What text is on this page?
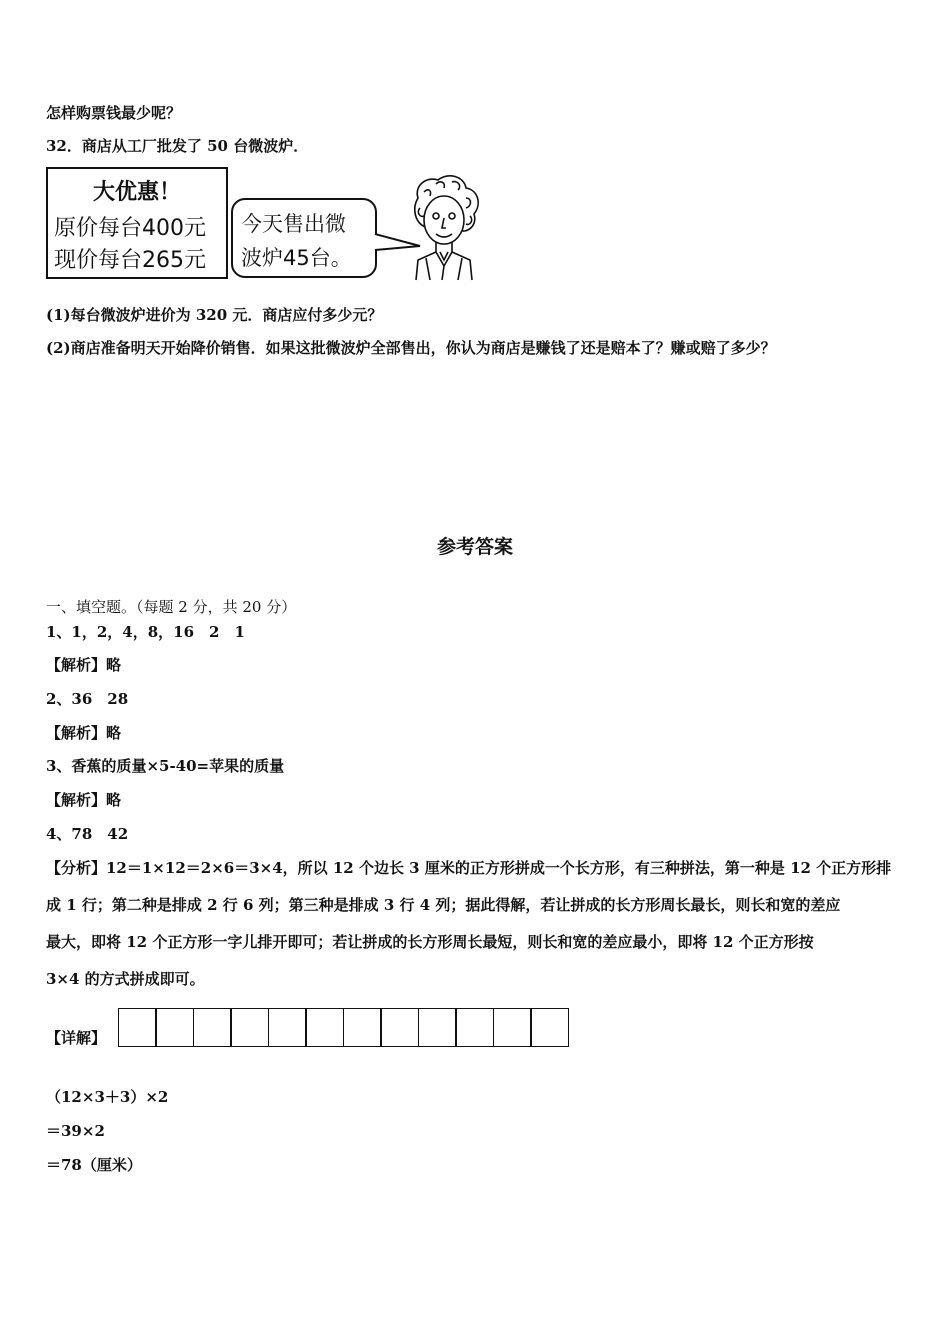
怎样购票钱最少呢？
32．商店从工厂批发了 50 台微波炉．
大优惠！
原价每台400元
现价每台265元
今天售出微
波炉45台。
(1)每台微波炉进价为 320 元．商店应付多少元？
(2)商店准备明天开始降价销售．如果这批微波炉全部售出，你认为商店是赚钱了还是赔本了？赚或赔了多少？
参考答案
一、填空题。（每题 2 分，共 20 分）
1、1，2，4，8，16　2　1
【解析】略
2、36　28
【解析】略
3、香蕉的质量×5-40=苹果的质量
【解析】略
4、78　42
【分析】12＝1×12＝2×6＝3×4，所以 12 个边长 3 厘米的正方形拼成一个长方形，有三种拼法，第一种是 12 个正方形排
成 1 行；第二种是排成 2 行 6 列；第三种是排成 3 行 4 列；据此得解，若让拼成的长方形周长最长，则长和宽的差应
最大，即将 12 个正方形一字儿排开即可；若让拼成的长方形周长最短，则长和宽的差应最小，即将 12 个正方形按
3×4 的方式拼成即可。
【详解】
（12×3＋3）×2
＝39×2
＝78（厘米）
